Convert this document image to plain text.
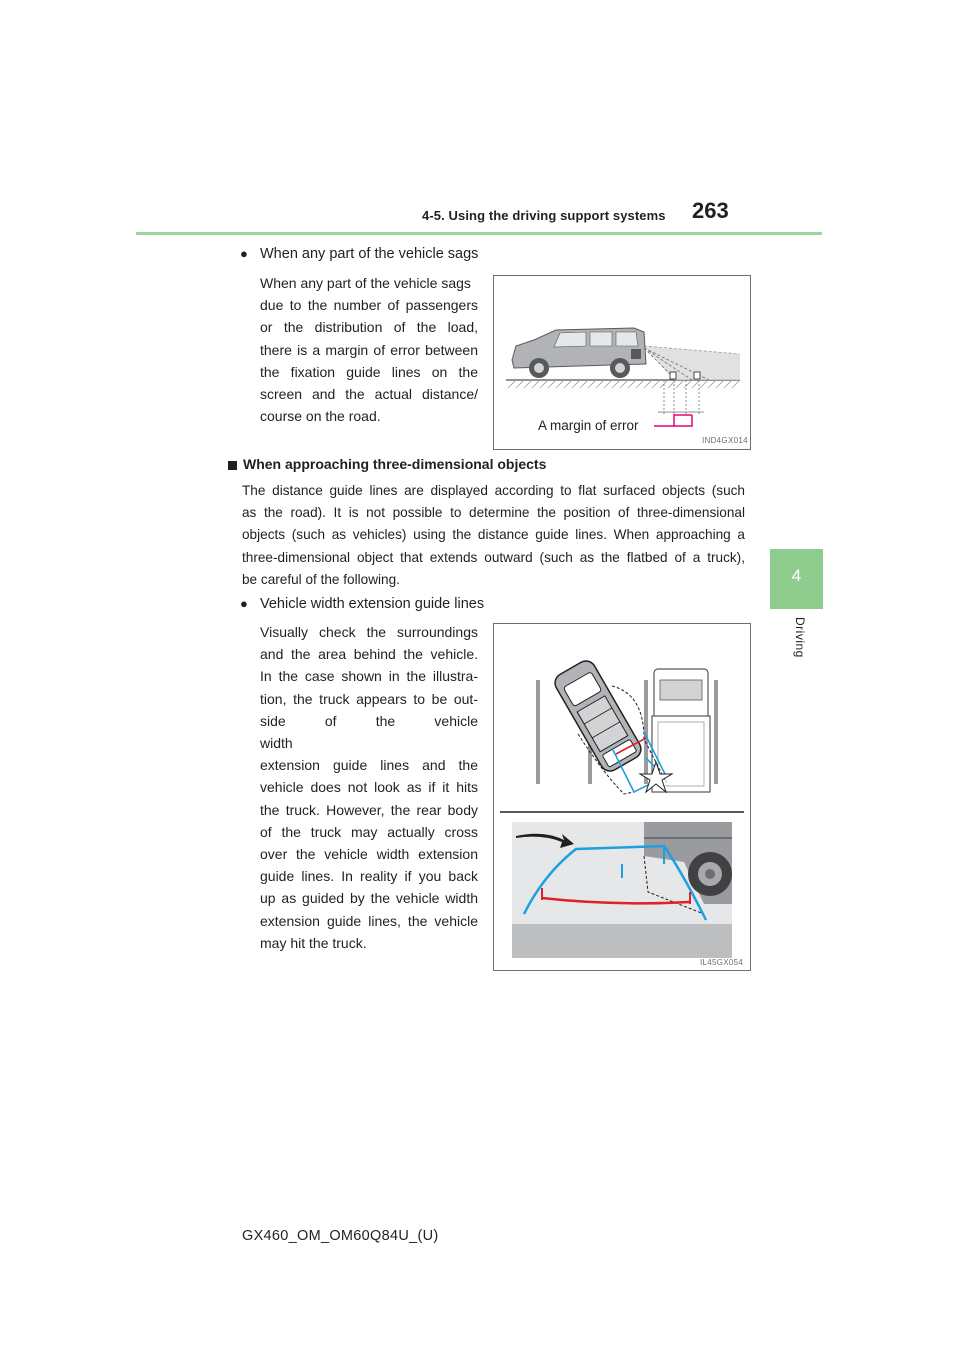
4-5. Using the driving support systems 263
4
Driving
● When any part of the vehicle sags
When any part of the vehicle sags
due to the number of passengers
or the distribution of the load,
there is a margin of error between
the fixation guide lines on the
screen and the actual distance/
course on the road.
A margin of error
IND4GX014
When approaching three-dimensional objects
The distance guide lines are displayed according to flat surfaced objects (such
as the road). It is not possible to determine the position of three-dimensional
objects (such as vehicles) using the distance guide lines. When approaching a
three-dimensional object that extends outward (such as the flatbed of a truck),
be careful of the following.
● Vehicle width extension guide lines
Visually check the surroundings
and the area behind the vehicle.
In the case shown in the illustra-
tion, the truck appears to be out-
side of the vehicle width
extension guide lines and the
vehicle does not look as if it hits
the truck. However, the rear body
of the truck may actually cross
over the vehicle width extension
guide lines. In reality if you back
up as guided by the vehicle width
extension guide lines, the vehicle
may hit the truck.
IL45GX054
GX460_OM_OM60Q84U_(U)
